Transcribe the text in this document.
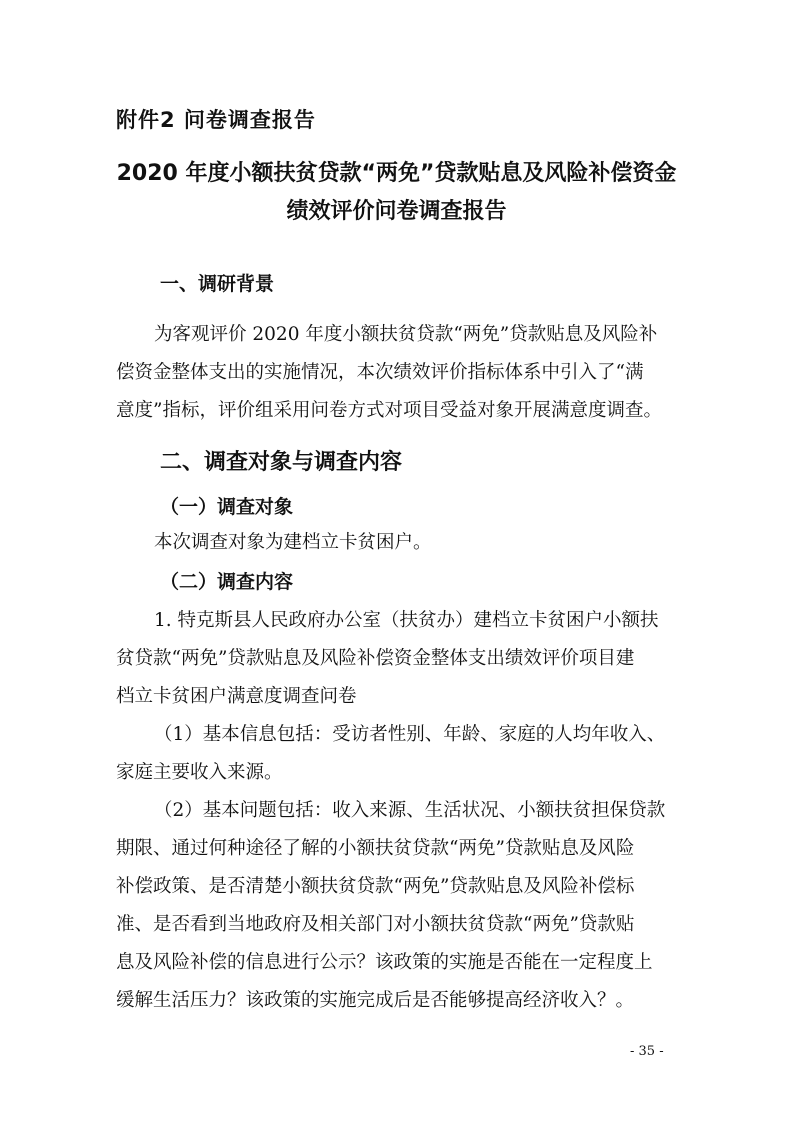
附件2 问卷调查报告
2020 年度小额扶贫贷款“两免”贷款贴息及风险补偿资金
绩效评价问卷调查报告
一、调研背景

为客观评价 2020 年度小额扶贫贷款“两免”贷款贴息及风险补

偿资金整体支出的实施情况，本次绩效评价指标体系中引入了“满

意度”指标，评价组采用问卷方式对项目受益对象开展满意度调查。

二、调查对象与调查内容
（一）调查对象

本次调查对象为建档立卡贫困户。

（二）调查内容

1. 特克斯县人民政府办公室（扶贫办）建档立卡贫困户小额扶

贫贷款“两免”贷款贴息及风险补偿资金整体支出绩效评价项目建

档立卡贫困户满意度调查问卷

（1）基本信息包括：受访者性别、年龄、家庭的人均年收入、

家庭主要收入来源。

（2）基本问题包括：收入来源、生活状况、小额扶贫担保贷款

期限、通过何种途径了解的小额扶贫贷款“两免”贷款贴息及风险

补偿政策、是否清楚小额扶贫贷款“两免”贷款贴息及风险补偿标

准、是否看到当地政府及相关部门对小额扶贫贷款“两免”贷款贴

息及风险补偿的信息进行公示？该政策的实施是否能在一定程度上

缓解生活压力？该政策的实施完成后是否能够提高经济收入？。

- 35 -
